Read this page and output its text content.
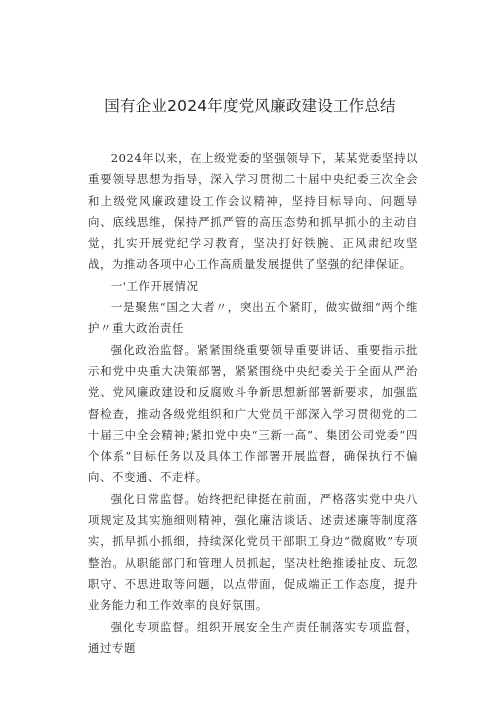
国有企业2024年度党风廉政建设工作总结

2024年以来，在上级党委的坚强领导下，某某党委坚持以重要领导思想为指导，深入学习贯彻二十届中央纪委三次全会和上级党风廉政建设工作会议精神，坚持目标导向、问题导向、底线思维，保持严抓严管的高压态势和抓早抓小的主动自觉，扎实开展党纪学习教育，坚决打好铁腕、正风肃纪攻坚战，为推动各项中心工作高质量发展提供了坚强的纪律保证。

一'工作开展情况

一是聚焦“国之大者〃，突出五个紧盯，做实做细“两个维护〃重大政治责任

强化政治监督。紧紧围绕重要领导重要讲话、重要指示批示和党中央重大决策部署，紧紧围绕中央纪委关于全面从严治党、党风廉政建设和反腐败斗争新思想新部署新要求，加强监督检查，推动各级党组织和广大党员干部深入学习贯彻党的二十届三中全会精神;紧扣党中央“三新一高”、集团公司党委”四个体系”目标任务以及具体工作部署开展监督，确保执行不偏向、不变通、不走样。

强化日常监督。始终把纪律挺在前面，严格落实党中央八项规定及其实施细则精神，强化廉洁谈话、述责述廉等制度落实，抓早抓小抓细，持续深化党员干部职工身边“微腐败”专项整治。从职能部门和管理人员抓起，坚决杜绝推诿扯皮、玩忽职守、不思进取等问题，以点带面，促成端正工作态度，提升业务能力和工作效率的良好氛围。

强化专项监督。组织开展安全生产责任制落实专项监督，通过专题
